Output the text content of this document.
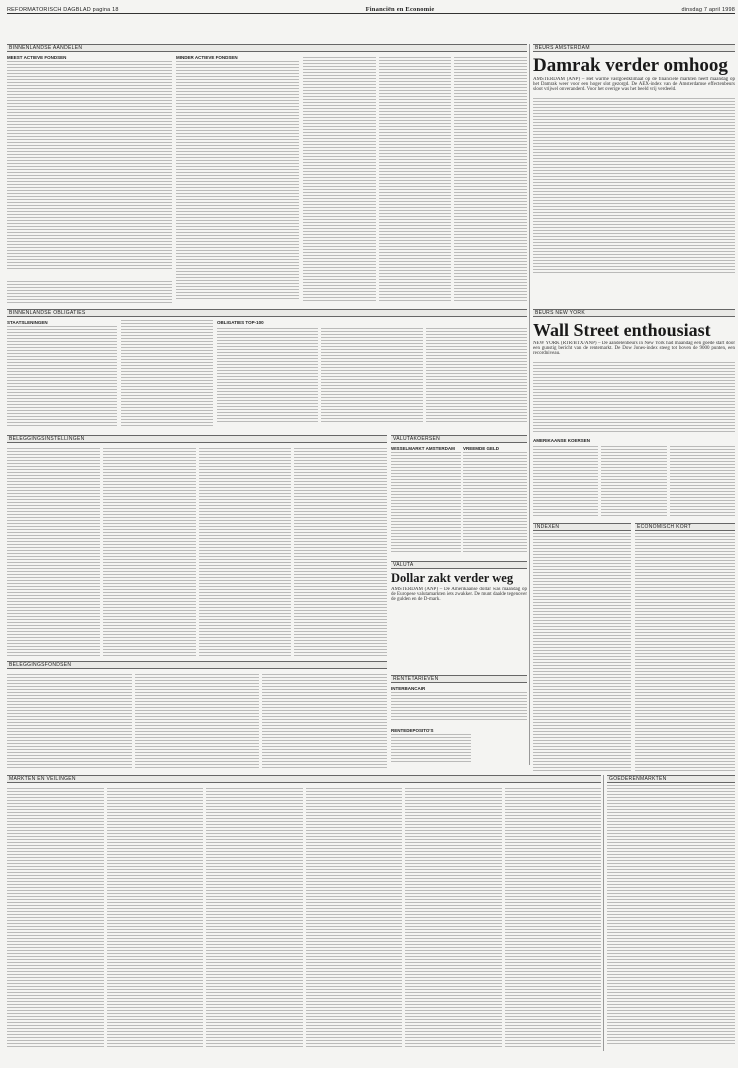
REFORMATORISCH DAGBLAD pagina 18	Financiën en Economie	dinsdag 7 april 1998
BINNENLANDSE AANDELEN
MEEST ACTIEVE FONDSEN	MINDER ACTIEVE FONDSEN
BINNENLANDSE OBLIGATIES
STAATSLENINGEN	OBLIGATIES TOP-100
BELEGGINGSINSTELLINGEN	VALUTAKOERSEN
WISSELMARKT AMSTERDAM	VREEMDE GELD
VALUTA
Dollar zakt verder weg
AMSTERDAM (ANP) – De Amerikaanse dollar was maandag op de Europese valutamarkten iets zwakker. De munt daalde tegenover de gulden en de D-mark.
RENTETARIEVEN
INTERBANCAIR
RENTEDEPOSITO'S
BELEGGINGSFONDSEN
MARKTEN EN VEILINGEN
BEURS AMSTERDAM
Damrak verder omhoog
AMSTERDAM (ANP) – Het warme vastgoedklimaat op de financiële markten heeft maandag op het Damrak weer voor een hoger slot gezorgd. De AEX-index van de Amsterdamse effectenbeurs sloot vrijwel onveranderd. Voor het overige was het beeld vrij verdeeld.
BEURS NEW YORK
Wall Street enthousiast
NEW YORK (RTR/BTX/ANP) – De aandelenbeurs in New York had maandag een goede start door een gunstig bericht van de rentemarkt. De Dow Jones-index steeg tot boven de 9000 punten, een recordniveau.
AMERIKAANSE KOERSEN
INDEXEN	ECONOMISCH KORT
GOEDERENMARKTEN
